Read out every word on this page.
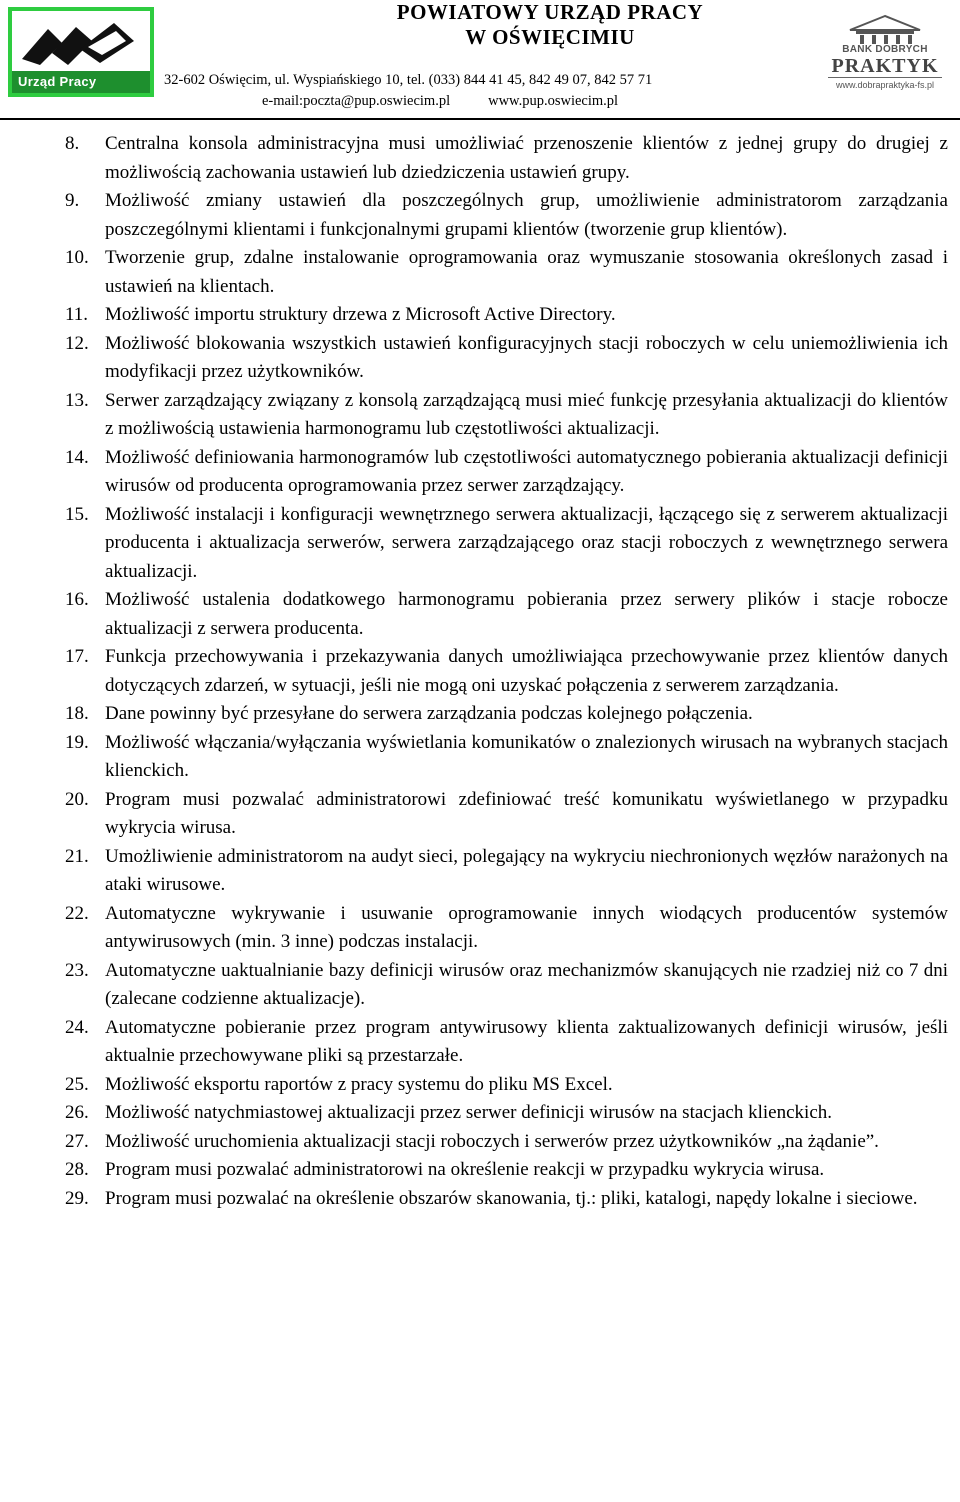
Urząd Pracy
POWIATOWY URZĄD PRACY
W OŚWIĘCIMIU
32-602 Oświęcim, ul. Wyspiańskiego 10, tel. (033) 844 41 45, 842 49 07, 842 57 71
e-mail:poczta@pup.oswiecim.pl	www.pup.oswiecim.pl
BANK DOBRYCH
PRAKTYK
www.dobrapraktyka-fs.pl
8.	Centralna konsola administracyjna musi umożliwiać przenoszenie klientów z jednej grupy do drugiej z możliwością zachowania ustawień lub dziedziczenia ustawień grupy.
9.	Możliwość zmiany ustawień dla poszczególnych grup, umożliwienie administratorom zarządzania poszczególnymi klientami i funkcjonalnymi grupami klientów (tworzenie grup klientów).
10. Tworzenie grup, zdalne instalowanie oprogramowania oraz wymuszanie stosowania określonych zasad i ustawień na klientach.
11. Możliwość importu struktury drzewa z Microsoft Active Directory.
12. Możliwość blokowania wszystkich ustawień konfiguracyjnych stacji roboczych w celu uniemożliwienia ich modyfikacji przez użytkowników.
13. Serwer zarządzający związany z konsolą zarządzającą musi mieć funkcję przesyłania aktualizacji do klientów z możliwością ustawienia harmonogramu lub częstotliwości aktualizacji.
14. Możliwość definiowania harmonogramów lub częstotliwości automatycznego pobierania aktualizacji definicji wirusów od producenta oprogramowania przez serwer zarządzający.
15. Możliwość instalacji i konfiguracji wewnętrznego serwera aktualizacji, łączącego się z serwerem aktualizacji producenta i aktualizacja serwerów, serwera zarządzającego oraz stacji roboczych z wewnętrznego serwera aktualizacji.
16. Możliwość ustalenia dodatkowego harmonogramu pobierania przez serwery plików i stacje robocze aktualizacji z serwera producenta.
17. Funkcja przechowywania i przekazywania danych umożliwiająca przechowywanie przez klientów danych dotyczących zdarzeń, w sytuacji, jeśli nie mogą oni uzyskać połączenia z serwerem zarządzania.
18. Dane powinny być przesyłane do serwera zarządzania podczas kolejnego połączenia.
19. Możliwość włączania/wyłączania wyświetlania komunikatów o znalezionych wirusach na wybranych stacjach klienckich.
20. Program musi pozwalać administratorowi zdefiniować treść komunikatu wyświetlanego w przypadku wykrycia wirusa.
21. Umożliwienie administratorom na audyt sieci, polegający na wykryciu niechronionych węzłów narażonych na ataki wirusowe.
22. Automatyczne wykrywanie i usuwanie oprogramowanie innych wiodących producentów systemów antywirusowych (min. 3 inne) podczas instalacji.
23. Automatyczne uaktualnianie bazy definicji wirusów oraz mechanizmów skanujących nie rzadziej niż co 7 dni (zalecane codzienne aktualizacje).
24. Automatyczne pobieranie przez program antywirusowy klienta zaktualizowanych definicji wirusów, jeśli aktualnie przechowywane pliki są przestarzałe.
25. Możliwość eksportu raportów z pracy systemu do pliku MS Excel.
26. Możliwość natychmiastowej aktualizacji przez serwer definicji wirusów na stacjach klienckich.
27. Możliwość uruchomienia aktualizacji stacji roboczych i serwerów przez użytkowników „na żądanie”.
28. Program musi pozwalać administratorowi na określenie reakcji w przypadku wykrycia wirusa.
29. Program musi pozwalać na określenie obszarów skanowania, tj.: pliki, katalogi, napędy lokalne i sieciowe.
